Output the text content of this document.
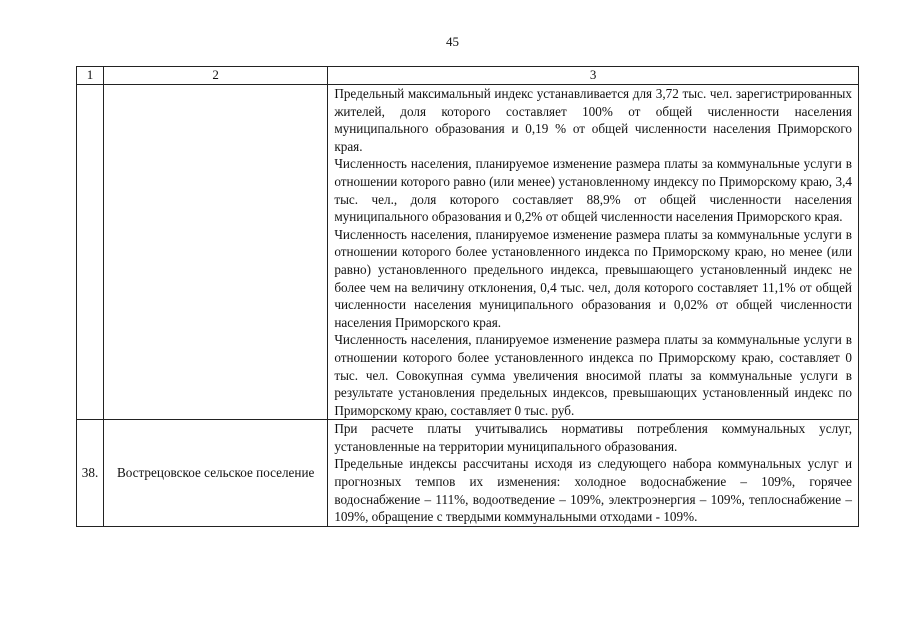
45
1	2	3

		Предельный максимальный индекс устанавливается для 3,72 тыс. чел. зарегистрированных жителей, доля которого составляет 100% от общей численности населения муниципального образования и 0,19 % от общей численности населения Приморского края.

Численность населения, планируемое изменение размера платы за коммунальные услуги в отношении которого равно (или менее) установленному индексу по Приморскому краю, 3,4 тыс. чел., доля которого составляет 88,9% от общей численности населения муниципального образования и 0,2% от общей численности населения Приморского края.

Численность населения, планируемое изменение размера платы за коммунальные услуги в отношении которого более установленного индекса по Приморскому краю, но менее (или равно) установленного предельного индекса, превышающего установленный индекс не более чем на величину отклонения, 0,4 тыс. чел, доля которого составляет 11,1% от общей численности населения муниципального образования и 0,02% от общей численности населения Приморского края.

Численность населения, планируемое изменение размера платы за коммунальные услуги в отношении которого более установленного индекса по Приморскому краю, составляет 0 тыс. чел. Совокупная сумма увеличения вносимой платы за коммунальные услуги в результате установления предельных индексов, превышающих установленный индекс по Приморскому краю, составляет 0 тыс. руб.

38.	Вострецовское сельское поселение	При расчете платы учитывались нормативы потребления коммунальных услуг, установленные на территории муниципального образования.

Предельные индексы рассчитаны исходя из следующего набора коммунальных услуг и прогнозных темпов их изменения: холодное водоснабжение – 109%, горячее водоснабжение – 111%, водоотведение – 109%, электроэнергия – 109%, теплоснабжение – 109%, обращение с твердыми коммунальными отходами - 109%.
